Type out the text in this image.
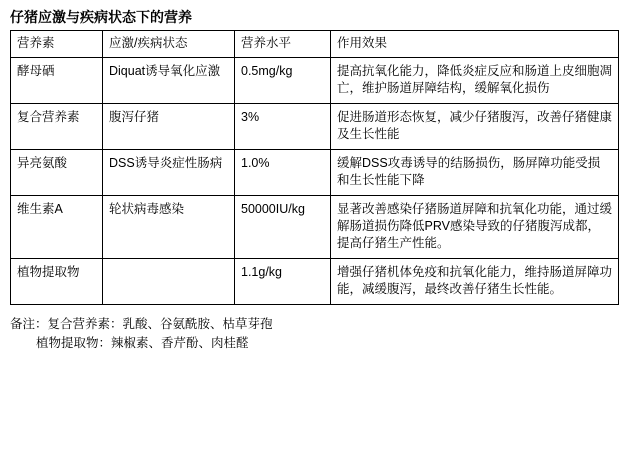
仔猪应激与疾病状态下的营养
营养素	应激/疾病状态	营养水平	作用效果
酵母硒	Diquat诱导氧化应激	0.5mg/kg	提高抗氧化能力，降低炎症反应和肠道上皮细胞凋亡，维护肠道屏障结构，缓解氧化损伤
复合营养素	腹泻仔猪	3%	促进肠道形态恢复，减少仔猪腹泻，改善仔猪健康及生长性能
异亮氨酸	DSS诱导炎症性肠病	1.0%	缓解DSS攻毒诱导的结肠损伤，肠屏障功能受损和生长性能下降
维生素A	轮状病毒感染	50000IU/kg	显著改善感染仔猪肠道屏障和抗氧化功能，通过缓解肠道损伤降低PRV感染导致的仔猪腹泻成都，提高仔猪生产性能。
植物提取物		1.1g/kg	增强仔猪机体免疫和抗氧化能力，维持肠道屏障功能，减缓腹泻，最终改善仔猪生长性能。
备注：复合营养素：乳酸、谷氨酰胺、枯草芽孢
植物提取物：辣椒素、香芹酚、肉桂醛
